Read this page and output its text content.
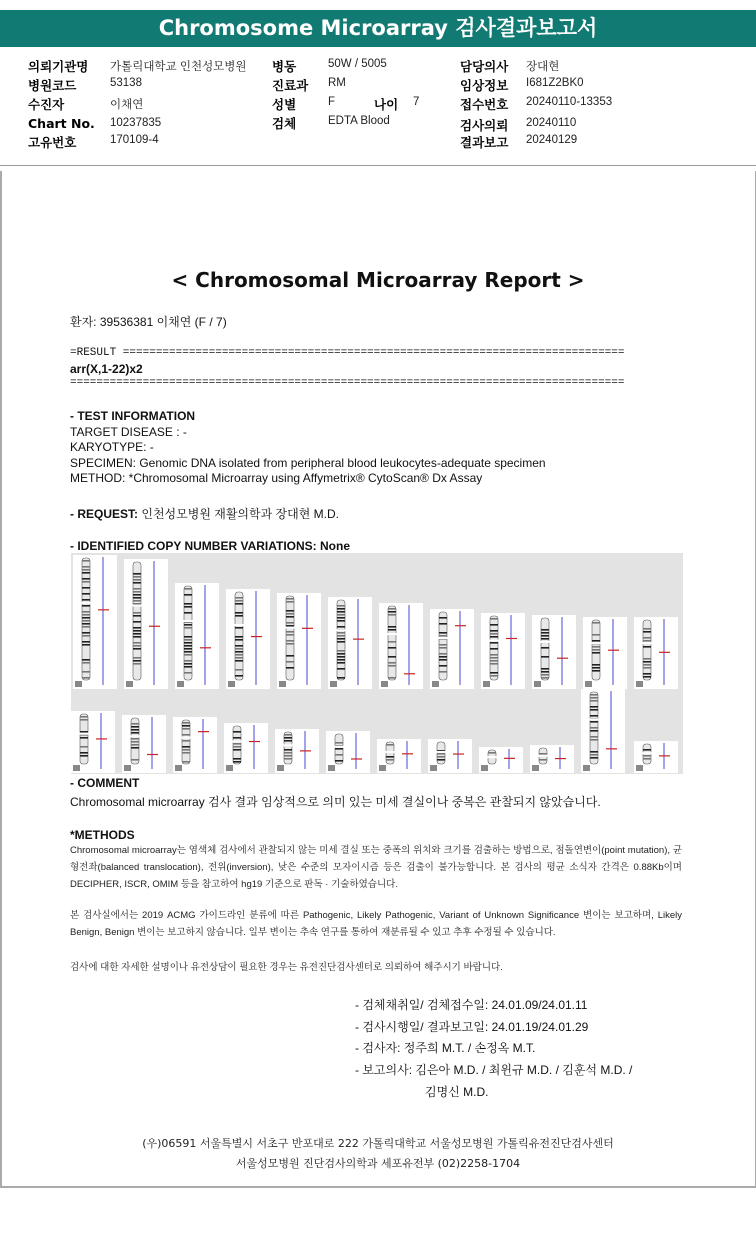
Chromosome Microarray 검사결과보고서
의뢰기관명 가톨릭대학교 인천성모병원
병원코드	53138
수진자	이채연
Chart No. 10237835
고유번호	170109-4
병동	50W / 5005
진료과 RM
성별	F	나이 7
검체	EDTA Blood
담당의사 장대현
임상정보 I681Z2BK0
접수번호 20240110-13353
검사의뢰 20240110
결과보고 20240129
< Chromosomal Microarray Report >
환자: 39536381 이채연 (F / 7)
=RESULT ============================================================================
arr(X,1-22)x2
====================================================================================
- TEST INFORMATION
TARGET DISEASE : -
KARYOTYPE: -
SPECIMEN: Genomic DNA isolated from peripheral blood leukocytes-adequate specimen
METHOD: *Chromosomal Microarray using Affymetrix® CytoScan® Dx Assay
- REQUEST: 인천성모병원 재활의학과 장대현 M.D.
- IDENTIFIED COPY NUMBER VARIATIONS: None
- COMMENT
Chromosomal microarray 검사 결과 임상적으로 의미 있는 미세 결실이나 중복은 관찰되지 않았습니다.
*METHODS
Chromosomal microarray는 염색체 검사에서 관찰되지 않는 미세 결실 또는 중폭의 위치와 크기를 검출하는 방법으로, 점돌연변이(point mutation), 균형전좌(balanced translocation), 전위(inversion), 낮은 수준의 모자이시즘 등은 검출이 불가능합니다. 본 검사의 평균 소식자 간격은 0.88Kb이며 DECIPHER, ISCR, OMIM 등을 참고하여 hg19 기준으로 판독 · 기술하였습니다.
본 검사실에서는 2019 ACMG 가이드라인 분류에 따른 Pathogenic, Likely Pathogenic, Variant of Unknown Significance 변이는 보고하며, Likely Benign, Benign 변이는 보고하지 않습니다. 일부 변이는 추속 연구를 통하여 재분류될 수 있고 추후 수정될 수 있습니다.
검사에 대한 자세한 설명이나 유전상담이 필요한 경우는 유전진단검사센터로 의뢰하여 해주시기 바랍니다.
- 검체채취일/ 검체접수일: 24.01.09/24.01.11
- 검사시행일/ 결과보고일: 24.01.19/24.01.29
- 검사자: 정주희 M.T. / 손정옥 M.T.
- 보고의사: 김은아 M.D. / 최윈규 M.D. / 김훈석 M.D. /
김명신 M.D.
(우)06591 서울특별시 서초구 반포대로 222 가톨릭대학교 서울성모병원 가톨릭유전진단검사센터
서울성모병원 진단검사의학과 세포유전부 (02)2258-1704
